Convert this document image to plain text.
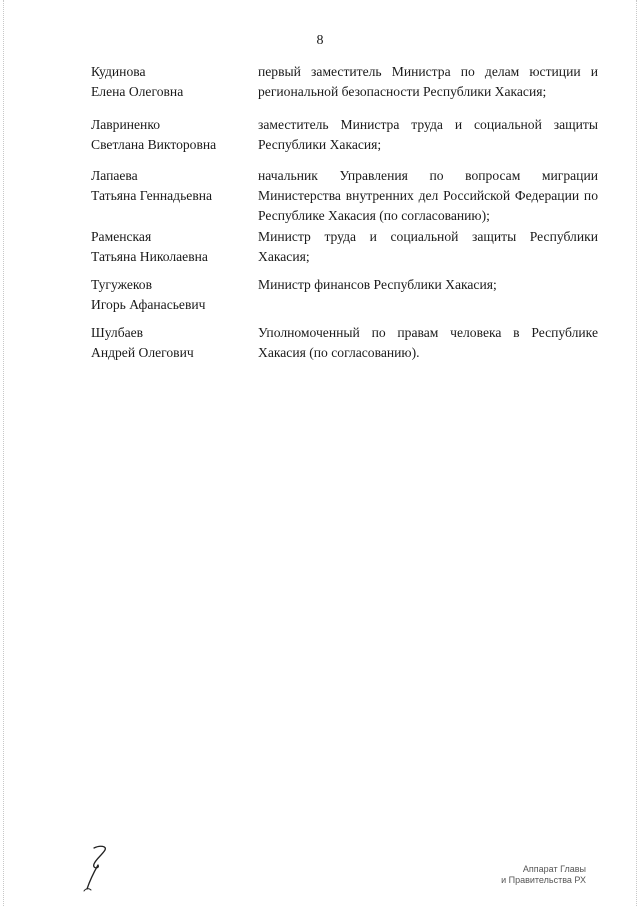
8
Кудинова
Елена Олеговна
первый заместитель Министра по делам юстиции и региональной безопасности Республики Хакасия;
Лавриненко
Светлана Викторовна
заместитель Министра труда и социальной защиты Республики Хакасия;
Лапаева
Татьяна Геннадьевна
начальник Управления по вопросам миграции Министерства внутренних дел Российской Федерации по Республике Хакасия (по согласованию);
Раменская
Татьяна Николаевна
Министр труда и социальной защиты Республики Хакасия;
Тугужеков
Игорь Афанасьевич
Министр финансов Республики Хакасия;
Шулбаев
Андрей Олегович
Уполномоченный по правам человека в Республике Хакасия (по согласованию).
Аппарат Главы
и Правительства РХ
